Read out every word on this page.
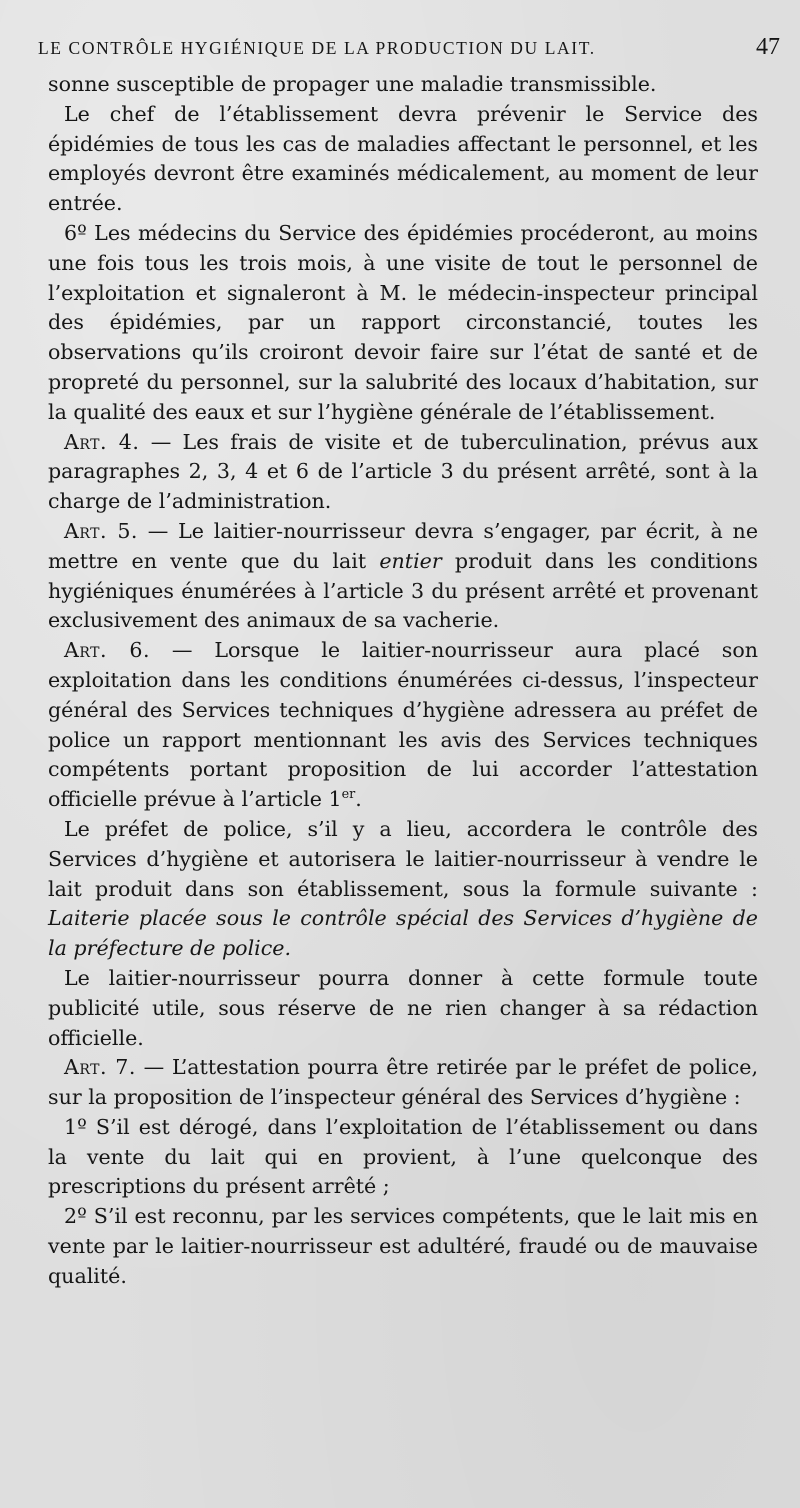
LE CONTRÔLE HYGIÉNIQUE DE LA PRODUCTION DU LAIT.	47

sonne susceptible de propager une maladie transmissible.

Le chef de l’établissement devra prévenir le Service des épidémies de tous les cas de maladies affectant le personnel, et les employés devront être examinés médicalement, au moment de leur entrée.

6º Les médecins du Service des épidémies procéderont, au moins une fois tous les trois mois, à une visite de tout le personnel de l’exploitation et signaleront à M. le médecin-inspecteur principal des épidémies, par un rapport circonstancié, toutes les observations qu’ils croiront devoir faire sur l’état de santé et de propreté du personnel, sur la salubrité des locaux d’habitation, sur la qualité des eaux et sur l’hygiène générale de l’établissement.

Art. 4. — Les frais de visite et de tuberculination, prévus aux paragraphes 2, 3, 4 et 6 de l’article 3 du présent arrêté, sont à la charge de l’administration.

Art. 5. — Le laitier-nourrisseur devra s’engager, par écrit, à ne mettre en vente que du lait entier produit dans les conditions hygiéniques énumérées à l’article 3 du présent arrêté et provenant exclusivement des animaux de sa vacherie.

Art. 6. — Lorsque le laitier-nourrisseur aura placé son exploitation dans les conditions énumérées ci-dessus, l’inspecteur général des Services techniques d’hygiène adressera au préfet de police un rapport mentionnant les avis des Services techniques compétents portant proposition de lui accorder l’attestation officielle prévue à l’article 1er.

Le préfet de police, s’il y a lieu, accordera le contrôle des Services d’hygiène et autorisera le laitier-nourrisseur à vendre le lait produit dans son établissement, sous la formule suivante : Laiterie placée sous le contrôle spécial des Services d’hygiène de la préfecture de police.

Le laitier-nourrisseur pourra donner à cette formule toute publicité utile, sous réserve de ne rien changer à sa rédaction officielle.

Art. 7. — L’attestation pourra être retirée par le préfet de police, sur la proposition de l’inspecteur général des Services d’hygiène :

1º S’il est dérogé, dans l’exploitation de l’établissement ou dans la vente du lait qui en provient, à l’une quelconque des prescriptions du présent arrêté ;

2º S’il est reconnu, par les services compétents, que le lait mis en vente par le laitier-nourrisseur est adultéré, fraudé ou de mauvaise qualité.
